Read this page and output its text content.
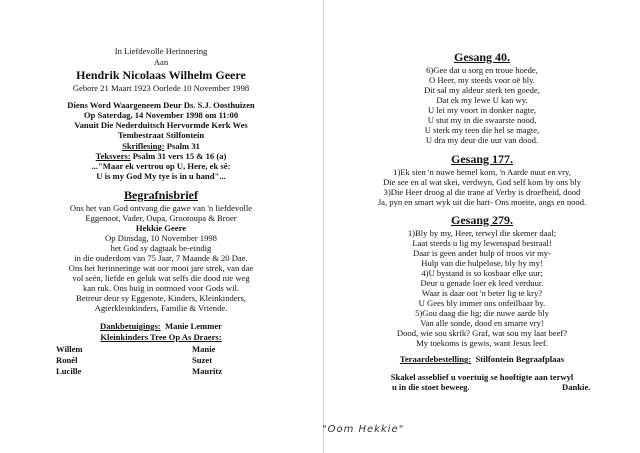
In Liefdevolle Herinnering
Aan
Hendrik Nicolaas Wilhelm Geere
Gebore 21 Maart 1923 Oorlede 10 November 1998
Diens Word Waargeneem Deur Ds. S.J. Oosthuizen
Op Saterdag, 14 November 1998 om 11:00
Vanuit Die Nederduitsch Hervormde Kerk Wes
Tembestraat Stilfontein
Skriflesing: Psalm 31
Teksvers: Psalm 31 vers 15 & 16 (a)
..."Maar ek vertrou op U, Here, ek sê:
U is my God My tye is in u hand"...
Begrafnisbrief
Ons het van God ontvang die gawe van 'n liefdevolle
Eggenoot, Vader, Oupa, Grootoupa & Broer
Hekkie Geere
Op Dinsdag, 10 November 1998
het God sy dagtaak be-eindig
in die ouderdom van 75 Jaar, 7 Maande & 20 Dae.
Ons het herinneringe wat oor mooi jare strek, van dae
vol seën, liefde en geluk wat selfs die dood nie weg
kan ruk. Ons buig in ootmoed voor Gods wil.
Betreur deur sy Eggenote, Kinders, Kleinkinders,
Agterkleinkinders, Familie & Vriende.
Dankbetuigings: Manie Lemmer
Kleinkinders Tree Op As Draers:
Willem	Manie
Ronél	Suzet
Lucille	Mauritz
Gesang 40.
6)Gee dat u sorg en troue hoede,
O Heer, my steeds voor oë bly.
Dit sal my aldeur sterk ten goede,
Dat ek my lewe U kan wy.
U lei my voort in donker nagte,
U stut my in die swaarste nood,
U sterk my teen die hel se magte,
U dra my deur die uur van dood.
Gesang 177.
1)Ek sien 'n nuwe hemel kom, 'n Aarde nuut en vry,
Die see en al wat skei, verdwyn, God self kom by ons bly
3)Die Heer droog al die trane af Verby is droefheid, dood
Ja, pyn en smart wyk uit die hart- Ons moeite, angs en nood.
Gesang 279.
1)Bly by my, Heer, terwyl die skemer daal;
Laat steeds u lig my lewenspad bestraal!
Daar is geen ander hulp of troos vir my-
Hulp van die hulpelose, bly by my!
4)U bystand is so kosbaar elke uur;
Deur u genade loer ek leed verduur.
Waar is daar oot 'n beter lig te kry?
U Gees bly immer ons onfeilbaar by.
5)Gou daag die lig; die nuwe aarde bly
Van alle sonde, dood en smarte vry!
Dood, wie sou skrik? Graf, wat sou my laat beef?
My toekoms is gewis, want Jesus leef.
Teraardebestelling: Stilfontein Begraafplaas
Skakel asseblief u voertuig se hooftigte aan terwyl
u in die stoet beweeg.	Dankie.
"Oom Hekkie"
